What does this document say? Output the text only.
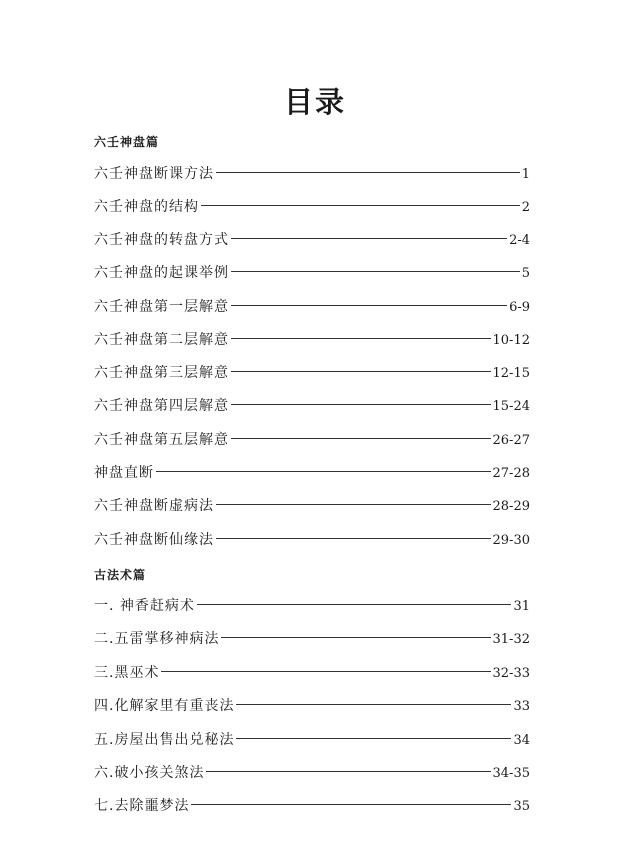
目录
六壬神盘篇
六壬神盘断课方法	1
六壬神盘的结构	2
六壬神盘的转盘方式	2-4
六壬神盘的起课举例	5
六壬神盘第一层解意	6-9
六壬神盘第二层解意	10-12
六壬神盘第三层解意	12-15
六壬神盘第四层解意	15-24
六壬神盘第五层解意	26-27
神盘直断	27-28
六壬神盘断虚病法	28-29
六壬神盘断仙缘法	29-30
古法术篇
一. 神香赶病术	31
二.五雷掌移神病法	31-32
三.黑巫术	32-33
四.化解家里有重丧法	33
五.房屋出售出兑秘法	34
六.破小孩关煞法	34-35
七.去除噩梦法	35
